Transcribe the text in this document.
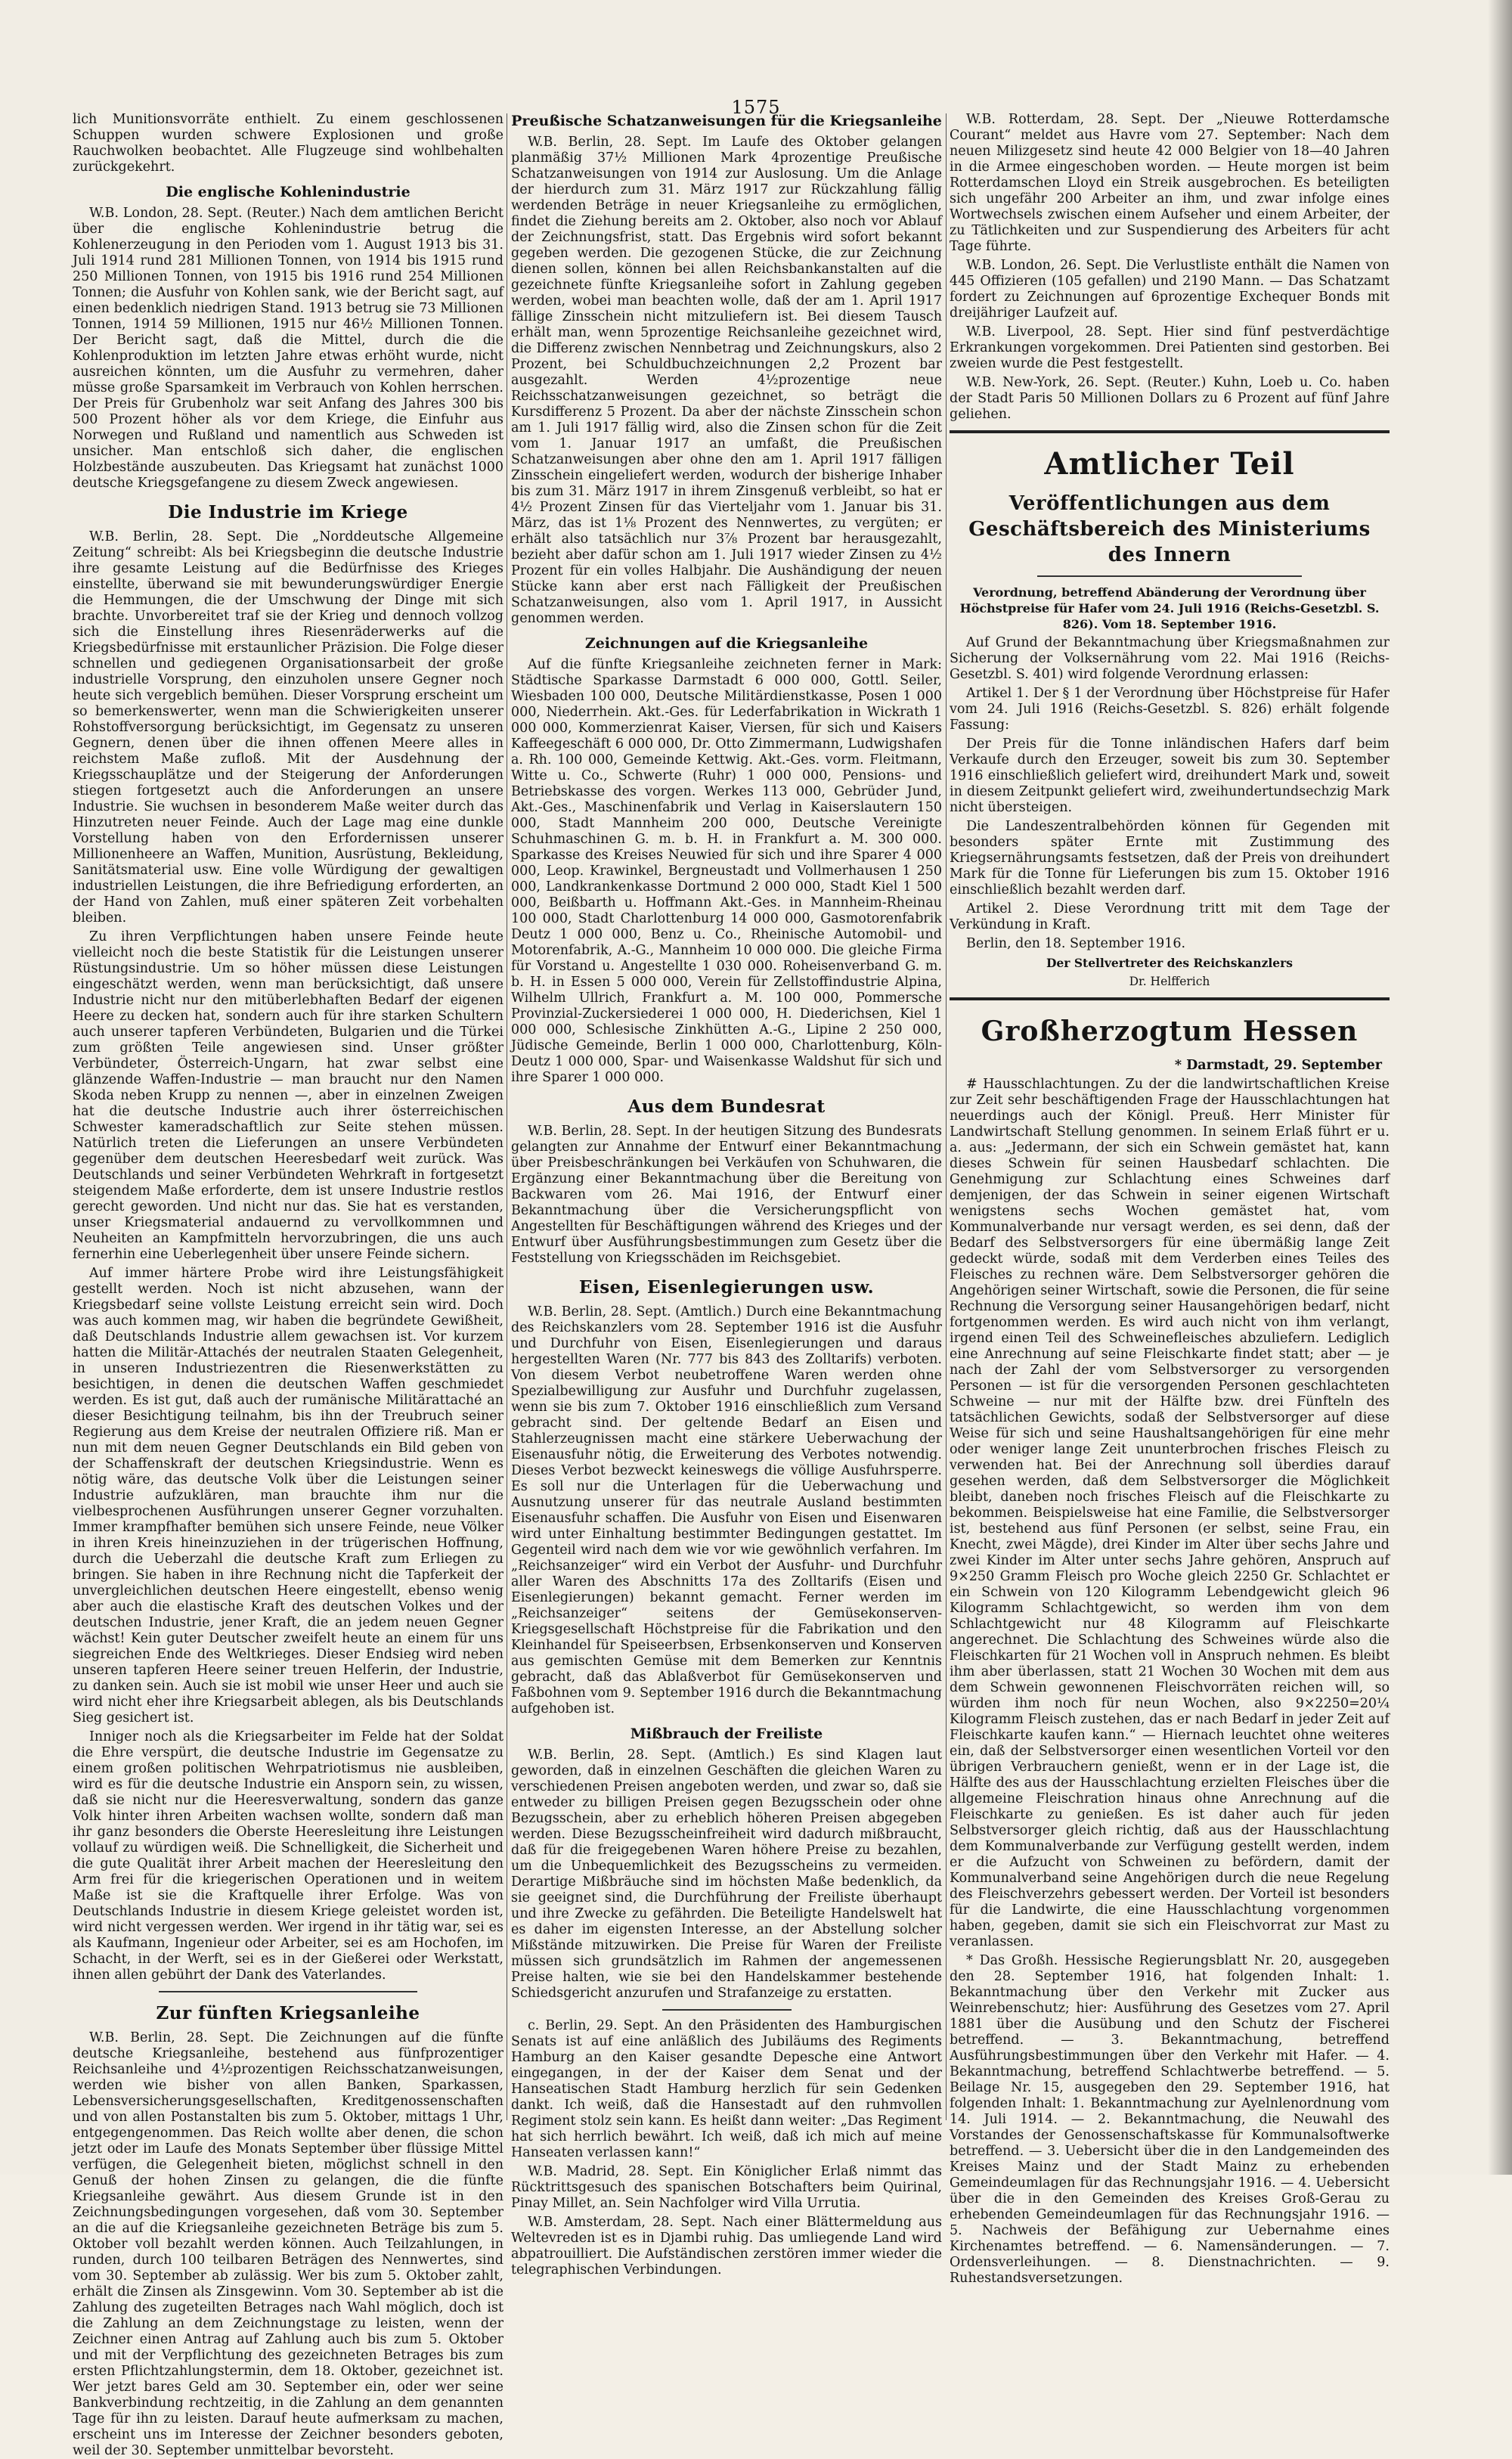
1575

lich Munitionsvorräte enthielt. Zu einem geschlossenen Schuppen wurden schwere Explosionen und große Rauchwolken beobachtet. Alle Flugzeuge sind wohlbehalten zurückgekehrt.

Die englische Kohlenindustrie

W.B. London, 28. Sept. (Reuter.) Nach dem amtlichen Bericht über die englische Kohlenindustrie betrug die Kohlenerzeugung in den Perioden vom 1. August 1913 bis 31. Juli 1914 rund 281 Millionen Tonnen, von 1914 bis 1915 rund 250 Millionen Tonnen, von 1915 bis 1916 rund 254 Millionen Tonnen; die Ausfuhr von Kohlen sank, wie der Bericht sagt, auf einen bedenklich niedrigen Stand. 1913 betrug sie 73 Millionen Tonnen, 1914 59 Millionen, 1915 nur 46½ Millionen Tonnen. Der Bericht sagt, daß die Mittel, durch die die Kohlenproduktion im letzten Jahre etwas erhöht wurde, nicht ausreichen könnten, um die Ausfuhr zu vermehren, daher müsse große Sparsamkeit im Verbrauch von Kohlen herrschen. Der Preis für Grubenholz war seit Anfang des Jahres 300 bis 500 Prozent höher als vor dem Kriege, die Einfuhr aus Norwegen und Rußland und namentlich aus Schweden ist unsicher. Man entschloß sich daher, die englischen Holzbestände auszubeuten. Das Kriegsamt hat zunächst 1000 deutsche Kriegsgefangene zu diesem Zweck angewiesen.

Die Industrie im Kriege

W.B. Berlin, 28. Sept. Die „Norddeutsche Allgemeine Zeitung“ schreibt: Als bei Kriegsbeginn die deutsche Industrie ihre gesamte Leistung auf die Bedürfnisse des Krieges einstellte, überwand sie mit bewunderungswürdiger Energie die Hemmungen, die der Umschwung der Dinge mit sich brachte. Unvorbereitet traf sie der Krieg und dennoch vollzog sich die Einstellung ihres Riesenräderwerks auf die Kriegsbedürfnisse mit erstaunlicher Präzision. Die Folge dieser schnellen und gediegenen Organisationsarbeit der große industrielle Vorsprung, den einzuholen unsere Gegner noch heute sich vergeblich bemühen. Dieser Vorsprung erscheint um so bemerkenswerter, wenn man die Schwierigkeiten unserer Rohstoffversorgung berücksichtigt, im Gegensatz zu unseren Gegnern, denen über die ihnen offenen Meere alles in reichstem Maße zufloß. Mit der Ausdehnung der Kriegsschauplätze und der Steigerung der Anforderungen stiegen fortgesetzt auch die Anforderungen an unsere Industrie. Sie wuchsen in besonderem Maße weiter durch das Hinzutreten neuer Feinde. Auch der Lage mag eine dunkle Vorstellung haben von den Erfordernissen unserer Millionenheere an Waffen, Munition, Ausrüstung, Bekleidung, Sanitätsmaterial usw. Eine volle Würdigung der gewaltigen industriellen Leistungen, die ihre Befriedigung erforderten, an der Hand von Zahlen, muß einer späteren Zeit vorbehalten bleiben.

Zu ihren Verpflichtungen haben unsere Feinde heute vielleicht noch die beste Statistik für die Leistungen unserer Rüstungsindustrie. Um so höher müssen diese Leistungen eingeschätzt werden, wenn man berücksichtigt, daß unsere Industrie nicht nur den mitüberlebhaften Bedarf der eigenen Heere zu decken hat, sondern auch für ihre starken Schultern auch unserer tapferen Verbündeten, Bulgarien und die Türkei zum größten Teile angewiesen sind. Unser größter Verbündeter, Österreich-Ungarn, hat zwar selbst eine glänzende Waffen-Industrie — man braucht nur den Namen Skoda neben Krupp zu nennen —, aber in einzelnen Zweigen hat die deutsche Industrie auch ihrer österreichischen Schwester kameradschaftlich zur Seite stehen müssen. Natürlich treten die Lieferungen an unsere Verbündeten gegenüber dem deutschen Heeresbedarf weit zurück. Was Deutschlands und seiner Verbündeten Wehrkraft in fortgesetzt steigendem Maße erforderte, dem ist unsere Industrie restlos gerecht geworden. Und nicht nur das. Sie hat es verstanden, unser Kriegsmaterial andauernd zu vervollkommnen und Neuheiten an Kampfmitteln hervorzubringen, die uns auch fernerhin eine Ueberlegenheit über unsere Feinde sichern.

Auf immer härtere Probe wird ihre Leistungsfähigkeit gestellt werden. Noch ist nicht abzusehen, wann der Kriegsbedarf seine vollste Leistung erreicht sein wird. Doch was auch kommen mag, wir haben die begründete Gewißheit, daß Deutschlands Industrie allem gewachsen ist. Vor kurzem hatten die Militär-Attachés der neutralen Staaten Gelegenheit, in unseren Industriezentren die Riesenwerkstätten zu besichtigen, in denen die deutschen Waffen geschmiedet werden. Es ist gut, daß auch der rumänische Militärattaché an dieser Besichtigung teilnahm, bis ihn der Treubruch seiner Regierung aus dem Kreise der neutralen Offiziere riß. Man er nun mit dem neuen Gegner Deutschlands ein Bild geben von der Schaffenskraft der deutschen Kriegsindustrie. Wenn es nötig wäre, das deutsche Volk über die Leistungen seiner Industrie aufzuklären, man brauchte ihm nur die vielbesprochenen Ausführungen unserer Gegner vorzuhalten. Immer krampfhafter bemühen sich unsere Feinde, neue Völker in ihren Kreis hineinzuziehen in der trügerischen Hoffnung, durch die Ueberzahl die deutsche Kraft zum Erliegen zu bringen. Sie haben in ihre Rechnung nicht die Tapferkeit der unvergleichlichen deutschen Heere eingestellt, ebenso wenig aber auch die elastische Kraft des deutschen Volkes und der deutschen Industrie, jener Kraft, die an jedem neuen Gegner wächst! Kein guter Deutscher zweifelt heute an einem für uns siegreichen Ende des Weltkrieges. Dieser Endsieg wird neben unseren tapferen Heere seiner treuen Helferin, der Industrie, zu danken sein. Auch sie ist mobil wie unser Heer und auch sie wird nicht eher ihre Kriegsarbeit ablegen, als bis Deutschlands Sieg gesichert ist.

Inniger noch als die Kriegsarbeiter im Felde hat der Soldat die Ehre verspürt, die deutsche Industrie im Gegensatze zu einem großen politischen Wehrpatriotismus nie ausbleiben, wird es für die deutsche Industrie ein Ansporn sein, zu wissen, daß sie nicht nur die Heeresverwaltung, sondern das ganze Volk hinter ihren Arbeiten wachsen wollte, sondern daß man ihr ganz besonders die Oberste Heeresleitung ihre Leistungen vollauf zu würdigen weiß. Die Schnelligkeit, die Sicherheit und die gute Qualität ihrer Arbeit machen der Heeresleitung den Arm frei für die kriegerischen Operationen und in weitem Maße ist sie die Kraftquelle ihrer Erfolge. Was von Deutschlands Industrie in diesem Kriege geleistet worden ist, wird nicht vergessen werden. Wer irgend in ihr tätig war, sei es als Kaufmann, Ingenieur oder Arbeiter, sei es am Hochofen, im Schacht, in der Werft, sei es in der Gießerei oder Werkstatt, ihnen allen gebührt der Dank des Vaterlandes.

Zur fünften Kriegsanleihe

W.B. Berlin, 28. Sept. Die Zeichnungen auf die fünfte deutsche Kriegsanleihe, bestehend aus fünfprozentiger Reichsanleihe und 4½prozentigen Reichsschatzanweisungen, werden wie bisher von allen Banken, Sparkassen, Lebensversicherungsgesellschaften, Kreditgenossenschaften und von allen Postanstalten bis zum 5. Oktober, mittags 1 Uhr, entgegengenommen. Das Reich wollte aber denen, die schon jetzt oder im Laufe des Monats September über flüssige Mittel verfügen, die Gelegenheit bieten, möglichst schnell in den Genuß der hohen Zinsen zu gelangen, die die fünfte Kriegsanleihe gewährt. Aus diesem Grunde ist in den Zeichnungsbedingungen vorgesehen, daß vom 30. September an die auf die Kriegsanleihe gezeichneten Beträge bis zum 5. Oktober voll bezahlt werden können. Auch Teilzahlungen, in runden, durch 100 teilbaren Beträgen des Nennwertes, sind vom 30. September ab zulässig. Wer bis zum 5. Oktober zahlt, erhält die Zinsen als Zinsgewinn. Vom 30. September ab ist die Zahlung des zugeteilten Betrages nach Wahl möglich, doch ist die Zahlung an dem Zeichnungstage zu leisten, wenn der Zeichner einen Antrag auf Zahlung auch bis zum 5. Oktober und mit der Verpflichtung des gezeichneten Betrages bis zum ersten Pflichtzahlungstermin, dem 18. Oktober, gezeichnet ist. Wer jetzt bares Geld am 30. September ein, oder wer seine Bankverbindung rechtzeitig, in die Zahlung an dem genannten Tage für ihn zu leisten. Darauf heute aufmerksam zu machen, erscheint uns im Interesse der Zeichner besonders geboten, weil der 30. September unmittelbar bevorsteht.

Preußische Schatzanweisungen für die Kriegsanleihe

W.B. Berlin, 28. Sept. Im Laufe des Oktober gelangen planmäßig 37½ Millionen Mark 4prozentige Preußische Schatzanweisungen von 1914 zur Auslosung. Um die Anlage der hierdurch zum 31. März 1917 zur Rückzahlung fällig werdenden Beträge in neuer Kriegsanleihe zu ermöglichen, findet die Ziehung bereits am 2. Oktober, also noch vor Ablauf der Zeichnungsfrist, statt. Das Ergebnis wird sofort bekannt gegeben werden. Die gezogenen Stücke, die zur Zeichnung dienen sollen, können bei allen Reichsbankanstalten auf die gezeichnete fünfte Kriegsanleihe sofort in Zahlung gegeben werden, wobei man beachten wolle, daß der am 1. April 1917 fällige Zinsschein nicht mitzuliefern ist. Bei diesem Tausch erhält man, wenn 5prozentige Reichsanleihe gezeichnet wird, die Differenz zwischen Nennbetrag und Zeichnungskurs, also 2 Prozent, bei Schuldbuchzeichnungen 2,2 Prozent bar ausgezahlt. Werden 4½prozentige neue Reichsschatzanweisungen gezeichnet, so beträgt die Kursdifferenz 5 Prozent. Da aber der nächste Zinsschein schon am 1. Juli 1917 fällig wird, also die Zinsen schon für die Zeit vom 1. Januar 1917 an umfaßt, die Preußischen Schatzanweisungen aber ohne den am 1. April 1917 fälligen Zinsschein eingeliefert werden, wodurch der bisherige Inhaber bis zum 31. März 1917 in ihrem Zinsgenuß verbleibt, so hat er 4½ Prozent Zinsen für das Vierteljahr vom 1. Januar bis 31. März, das ist 1⅛ Prozent des Nennwertes, zu vergüten; er erhält also tatsächlich nur 3⅞ Prozent bar herausgezahlt, bezieht aber dafür schon am 1. Juli 1917 wieder Zinsen zu 4½ Prozent für ein volles Halbjahr. Die Aushändigung der neuen Stücke kann aber erst nach Fälligkeit der Preußischen Schatzanweisungen, also vom 1. April 1917, in Aussicht genommen werden.

Zeichnungen auf die Kriegsanleihe

Auf die fünfte Kriegsanleihe zeichneten ferner in Mark: Städtische Sparkasse Darmstadt 6 000 000, Gottl. Seiler, Wiesbaden 100 000, Deutsche Militärdienstkasse, Posen 1 000 000, Niederrhein. Akt.-Ges. für Lederfabrikation in Wickrath 1 000 000, Kommerzienrat Kaiser, Viersen, für sich und Kaisers Kaffeegeschäft 6 000 000, Dr. Otto Zimmermann, Ludwigshafen a. Rh. 100 000, Gemeinde Kettwig. Akt.-Ges. vorm. Fleitmann, Witte u. Co., Schwerte (Ruhr) 1 000 000, Pensions- und Betriebskasse des vorgen. Werkes 113 000, Gebrüder Jund, Akt.-Ges., Maschinenfabrik und Verlag in Kaiserslautern 150 000, Stadt Mannheim 200 000, Deutsche Vereinigte Schuhmaschinen G. m. b. H. in Frankfurt a. M. 300 000. Sparkasse des Kreises Neuwied für sich und ihre Sparer 4 000 000, Leop. Krawinkel, Bergneustadt und Vollmerhausen 1 250 000, Landkrankenkasse Dortmund 2 000 000, Stadt Kiel 1 500 000, Beißbarth u. Hoffmann Akt.-Ges. in Mannheim-Rheinau 100 000, Stadt Charlottenburg 14 000 000, Gasmotorenfabrik Deutz 1 000 000, Benz u. Co., Rheinische Automobil- und Motorenfabrik, A.-G., Mannheim 10 000 000. Die gleiche Firma für Vorstand u. Angestellte 1 030 000. Roheisenverband G. m. b. H. in Essen 5 000 000, Verein für Zellstoffindustrie Alpina, Wilhelm Ullrich, Frankfurt a. M. 100 000, Pommersche Provinzial-Zuckersiederei 1 000 000, H. Diederichsen, Kiel 1 000 000, Schlesische Zinkhütten A.-G., Lipine 2 250 000, Jüdische Gemeinde, Berlin 1 000 000, Charlottenburg, Köln-Deutz 1 000 000, Spar- und Waisenkasse Waldshut für sich und ihre Sparer 1 000 000.

Aus dem Bundesrat

W.B. Berlin, 28. Sept. In der heutigen Sitzung des Bundesrats gelangten zur Annahme der Entwurf einer Bekanntmachung über Preisbeschränkungen bei Verkäufen von Schuhwaren, die Ergänzung einer Bekanntmachung über die Bereitung von Backwaren vom 26. Mai 1916, der Entwurf einer Bekanntmachung über die Versicherungspflicht von Angestellten für Beschäftigungen während des Krieges und der Entwurf über Ausführungsbestimmungen zum Gesetz über die Feststellung von Kriegsschäden im Reichsgebiet.

Eisen, Eisenlegierungen usw.

W.B. Berlin, 28. Sept. (Amtlich.) Durch eine Bekanntmachung des Reichskanzlers vom 28. September 1916 ist die Ausfuhr und Durchfuhr von Eisen, Eisenlegierungen und daraus hergestellten Waren (Nr. 777 bis 843 des Zolltarifs) verboten. Von diesem Verbot neubetroffene Waren werden ohne Spezialbewilligung zur Ausfuhr und Durchfuhr zugelassen, wenn sie bis zum 7. Oktober 1916 einschließlich zum Versand gebracht sind. Der geltende Bedarf an Eisen und Stahlerzeugnissen macht eine stärkere Ueberwachung der Eisenausfuhr nötig, die Erweiterung des Verbotes notwendig. Dieses Verbot bezweckt keineswegs die völlige Ausfuhrsperre. Es soll nur die Unterlagen für die Ueberwachung und Ausnutzung unserer für das neutrale Ausland bestimmten Eisenausfuhr schaffen. Die Ausfuhr von Eisen und Eisenwaren wird unter Einhaltung bestimmter Bedingungen gestattet. Im Gegenteil wird nach dem wie vor wie gewöhnlich verfahren. Im „Reichsanzeiger“ wird ein Verbot der Ausfuhr- und Durchfuhr aller Waren des Abschnitts 17a des Zolltarifs (Eisen und Eisenlegierungen) bekannt gemacht. Ferner werden im „Reichsanzeiger“ seitens der Gemüsekonserven-Kriegsgesellschaft Höchstpreise für die Fabrikation und den Kleinhandel für Speiseerbsen, Erbsenkonserven und Konserven aus gemischten Gemüse mit dem Bemerken zur Kenntnis gebracht, daß das Ablaßverbot für Gemüsekonserven und Faßbohnen vom 9. September 1916 durch die Bekanntmachung aufgehoben ist.

Mißbrauch der Freiliste

W.B. Berlin, 28. Sept. (Amtlich.) Es sind Klagen laut geworden, daß in einzelnen Geschäften die gleichen Waren zu verschiedenen Preisen angeboten werden, und zwar so, daß sie entweder zu billigen Preisen gegen Bezugsschein oder ohne Bezugsschein, aber zu erheblich höheren Preisen abgegeben werden. Diese Bezugsscheinfreiheit wird dadurch mißbraucht, daß für die freigegebenen Waren höhere Preise zu bezahlen, um die Unbequemlichkeit des Bezugsscheins zu vermeiden. Derartige Mißbräuche sind im höchsten Maße bedenklich, da sie geeignet sind, die Durchführung der Freiliste überhaupt und ihre Zwecke zu gefährden. Die Beteiligte Handelswelt hat es daher im eigensten Interesse, an der Abstellung solcher Mißstände mitzuwirken. Die Preise für Waren der Freiliste müssen sich grundsätzlich im Rahmen der angemessenen Preise halten, wie sie bei den Handelskammer bestehende Schiedsgericht anzurufen und Strafanzeige zu erstatten.

c. Berlin, 29. Sept. An den Präsidenten des Hamburgischen Senats ist auf eine anläßlich des Jubiläums des Regiments Hamburg an den Kaiser gesandte Depesche eine Antwort eingegangen, in der der Kaiser dem Senat und der Hanseatischen Stadt Hamburg herzlich für sein Gedenken dankt. Ich weiß, daß die Hansestadt auf den ruhmvollen Regiment stolz sein kann. Es heißt dann weiter: „Das Regiment hat sich herrlich bewährt. Ich weiß, daß ich mich auf meine Hanseaten verlassen kann!“

W.B. Madrid, 28. Sept. Ein Königlicher Erlaß nimmt das Rücktrittsgesuch des spanischen Botschafters beim Quirinal, Pinay Millet, an. Sein Nachfolger wird Villa Urrutia.

W.B. Amsterdam, 28. Sept. Nach einer Blättermeldung aus Weltevreden ist es in Djambi ruhig. Das umliegende Land wird abpatrouilliert. Die Aufständischen zerstören immer wieder die telegraphischen Verbindungen.

W.B. Rotterdam, 28. Sept. Der „Nieuwe Rotterdamsche Courant“ meldet aus Havre vom 27. September: Nach dem neuen Milizgesetz sind heute 42 000 Belgier von 18—40 Jahren in die Armee eingeschoben worden. — Heute morgen ist beim Rotterdamschen Lloyd ein Streik ausgebrochen. Es beteiligten sich ungefähr 200 Arbeiter an ihm, und zwar infolge eines Wortwechsels zwischen einem Aufseher und einem Arbeiter, der zu Tätlichkeiten und zur Suspendierung des Arbeiters für acht Tage führte.

W.B. London, 26. Sept. Die Verlustliste enthält die Namen von 445 Offizieren (105 gefallen) und 2190 Mann. — Das Schatzamt fordert zu Zeichnungen auf 6prozentige Exchequer Bonds mit dreijähriger Laufzeit auf.

W.B. Liverpool, 28. Sept. Hier sind fünf pestverdächtige Erkrankungen vorgekommen. Drei Patienten sind gestorben. Bei zweien wurde die Pest festgestellt.

W.B. New-York, 26. Sept. (Reuter.) Kuhn, Loeb u. Co. haben der Stadt Paris 50 Millionen Dollars zu 6 Prozent auf fünf Jahre geliehen.

Amtlicher Teil
Veröffentlichungen aus dem Geschäftsbereich des Ministeriums des Innern

Verordnung, betreffend Abänderung der Verordnung über Höchstpreise für Hafer vom 24. Juli 1916 (Reichs-Gesetzbl. S. 826). Vom 18. September 1916.

Auf Grund der Bekanntmachung über Kriegsmaßnahmen zur Sicherung der Volksernährung vom 22. Mai 1916 (Reichs-Gesetzbl. S. 401) wird folgende Verordnung erlassen:

Artikel 1. Der § 1 der Verordnung über Höchstpreise für Hafer vom 24. Juli 1916 (Reichs-Gesetzbl. S. 826) erhält folgende Fassung:

Der Preis für die Tonne inländischen Hafers darf beim Verkaufe durch den Erzeuger, soweit bis zum 30. September 1916 einschließlich geliefert wird, dreihundert Mark und, soweit in diesem Zeitpunkt geliefert wird, zweihundertundsechzig Mark nicht übersteigen.

Die Landeszentralbehörden können für Gegenden mit besonders später Ernte mit Zustimmung des Kriegsernährungsamts festsetzen, daß der Preis von dreihundert Mark für die Tonne für Lieferungen bis zum 15. Oktober 1916 einschließlich bezahlt werden darf.

Artikel 2. Diese Verordnung tritt mit dem Tage der Verkündung in Kraft.

Berlin, den 18. September 1916.

Der Stellvertreter des Reichskanzlers

Dr. Helfferich

Großherzogtum Hessen

* Darmstadt, 29. September

# Hausschlachtungen. Zu der die landwirtschaftlichen Kreise zur Zeit sehr beschäftigenden Frage der Hausschlachtungen hat neuerdings auch der Königl. Preuß. Herr Minister für Landwirtschaft Stellung genommen. In seinem Erlaß führt er u. a. aus: „Jedermann, der sich ein Schwein gemästet hat, kann dieses Schwein für seinen Hausbedarf schlachten. Die Genehmigung zur Schlachtung eines Schweines darf demjenigen, der das Schwein in seiner eigenen Wirtschaft wenigstens sechs Wochen gemästet hat, vom Kommunalverbande nur versagt werden, es sei denn, daß der Bedarf des Selbstversorgers für eine übermäßig lange Zeit gedeckt würde, sodaß mit dem Verderben eines Teiles des Fleisches zu rechnen wäre. Dem Selbstversorger gehören die Angehörigen seiner Wirtschaft, sowie die Personen, die für seine Rechnung die Versorgung seiner Hausangehörigen bedarf, nicht fortgenommen werden. Es wird auch nicht von ihm verlangt, irgend einen Teil des Schweinefleisches abzuliefern. Lediglich eine Anrechnung auf seine Fleischkarte findet statt; aber — je nach der Zahl der vom Selbstversorger zu versorgenden Personen — ist für die versorgenden Personen geschlachteten Schweine — nur mit der Hälfte bzw. drei Fünfteln des tatsächlichen Gewichts, sodaß der Selbstversorger auf diese Weise für sich und seine Haushaltsangehörigen für eine mehr oder weniger lange Zeit ununterbrochen frisches Fleisch zu verwenden hat. Bei der Anrechnung soll überdies darauf gesehen werden, daß dem Selbstversorger die Möglichkeit bleibt, daneben noch frisches Fleisch auf die Fleischkarte zu bekommen. Beispielsweise hat eine Familie, die Selbstversorger ist, bestehend aus fünf Personen (er selbst, seine Frau, ein Knecht, zwei Mägde), drei Kinder im Alter über sechs Jahre und zwei Kinder im Alter unter sechs Jahre gehören, Anspruch auf 9×250 Gramm Fleisch pro Woche gleich 2250 Gr. Schlachtet er ein Schwein von 120 Kilogramm Lebendgewicht gleich 96 Kilogramm Schlachtgewicht, so werden ihm von dem Schlachtgewicht nur 48 Kilogramm auf Fleischkarte angerechnet. Die Schlachtung des Schweines würde also die Fleischkarten für 21 Wochen voll in Anspruch nehmen. Es bleibt ihm aber überlassen, statt 21 Wochen 30 Wochen mit dem aus dem Schwein gewonnenen Fleischvorräten reichen will, so würden ihm noch für neun Wochen, also 9×2250=20¼ Kilogramm Fleisch zustehen, das er nach Bedarf in jeder Zeit auf Fleischkarte kaufen kann.“ — Hiernach leuchtet ohne weiteres ein, daß der Selbstversorger einen wesentlichen Vorteil vor den übrigen Verbrauchern genießt, wenn er in der Lage ist, die Hälfte des aus der Hausschlachtung erzielten Fleisches über die allgemeine Fleischration hinaus ohne Anrechnung auf die Fleischkarte zu genießen. Es ist daher auch für jeden Selbstversorger gleich richtig, daß aus der Hausschlachtung dem Kommunalverbande zur Verfügung gestellt werden, indem er die Aufzucht von Schweinen zu befördern, damit der Kommunalverband seine Angehörigen durch die neue Regelung des Fleischverzehrs gebessert werden. Der Vorteil ist besonders für die Landwirte, die eine Hausschlachtung vorgenommen haben, gegeben, damit sie sich ein Fleischvorrat zur Mast zu veranlassen.

* Das Großh. Hessische Regierungsblatt Nr. 20, ausgegeben den 28. September 1916, hat folgenden Inhalt: 1. Bekanntmachung über den Verkehr mit Zucker aus Weinrebenschutz; hier: Ausführung des Gesetzes vom 27. April 1881 über die Ausübung und den Schutz der Fischerei betreffend. — 3. Bekanntmachung, betreffend Ausführungsbestimmungen über den Verkehr mit Hafer. — 4. Bekanntmachung, betreffend Schlachtwerbe betreffend. — 5. Beilage Nr. 15, ausgegeben den 29. September 1916, hat folgenden Inhalt: 1. Bekanntmachung zur Ayelnlenordnung vom 14. Juli 1914. — 2. Bekanntmachung, die Neuwahl des Vorstandes der Genossenschaftskasse für Kommunalsoftwerke betreffend. — 3. Uebersicht über die in den Landgemeinden des Kreises Mainz und der Stadt Mainz zu erhebenden Gemeindeumlagen für das Rechnungsjahr 1916. — 4. Uebersicht über die in den Gemeinden des Kreises Groß-Gerau zu erhebenden Gemeindeumlagen für das Rechnungsjahr 1916. — 5. Nachweis der Befähigung zur Uebernahme eines Kirchenamtes betreffend. — 6. Namensänderungen. — 7. Ordensverleihungen. — 8. Dienstnachrichten. — 9. Ruhestandsversetzungen.
